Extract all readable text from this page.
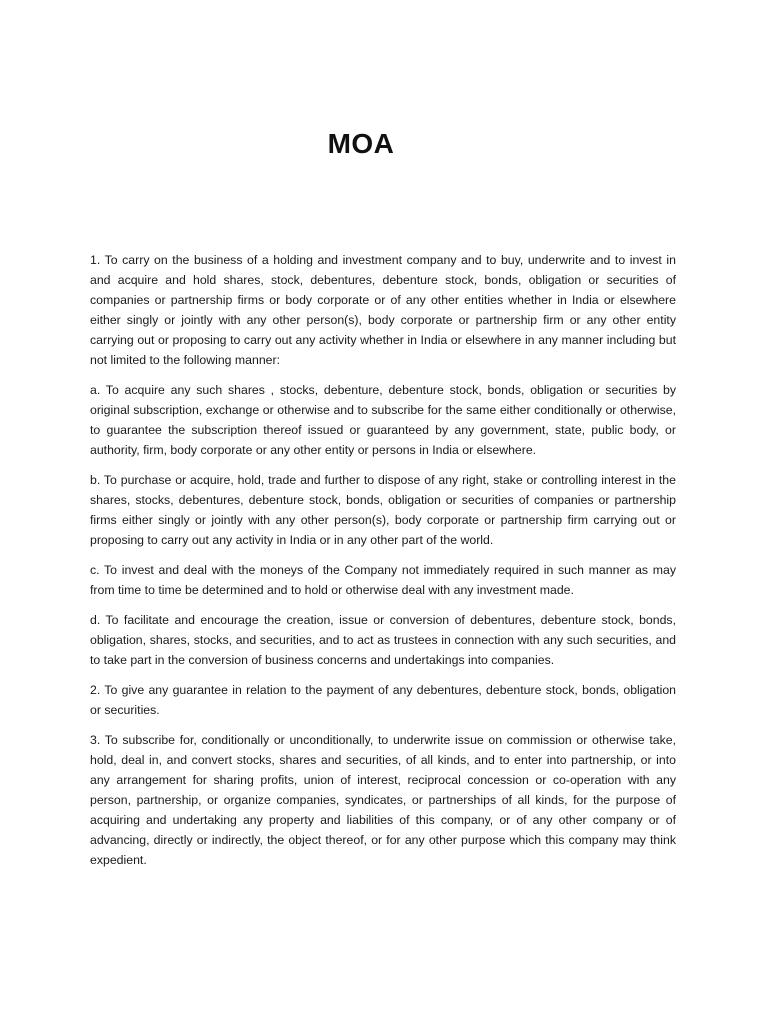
MOA

1. To carry on the business of a holding and investment company and to buy, underwrite and to invest in and acquire and hold shares, stock, debentures, debenture stock, bonds, obligation or securities of companies or partnership firms or body corporate or of any other entities whether in India or elsewhere either singly or jointly with any other person(s), body corporate or partnership firm or any other entity carrying out or proposing to carry out any activity whether in India or elsewhere in any manner including but not limited to the following manner:

a. To acquire any such shares , stocks, debenture, debenture stock, bonds, obligation or securities by original subscription, exchange or otherwise and to subscribe for the same either conditionally or otherwise, to guarantee the subscription thereof issued or guaranteed by any government, state, public body, or authority, firm, body corporate or any other entity or persons in India or elsewhere.

b. To purchase or acquire, hold, trade and further to dispose of any right, stake or controlling interest in the shares, stocks, debentures, debenture stock, bonds, obligation or securities of companies or partnership firms either singly or jointly with any other person(s), body corporate or partnership firm carrying out or proposing to carry out any activity in India or in any other part of the world.

c. To invest and deal with the moneys of the Company not immediately required in such manner as may from time to time be determined and to hold or otherwise deal with any investment made.

d. To facilitate and encourage the creation, issue or conversion of debentures, debenture stock, bonds, obligation, shares, stocks, and securities, and to act as trustees in connection with any such securities, and to take part in the conversion of business concerns and undertakings into companies.

2. To give any guarantee in relation to the payment of any debentures, debenture stock, bonds, obligation or securities.

3. To subscribe for, conditionally or unconditionally, to underwrite issue on commission or otherwise take, hold, deal in, and convert stocks, shares and securities, of all kinds, and to enter into partnership, or into any arrangement for sharing profits, union of interest, reciprocal concession or co-operation with any person, partnership, or organize companies, syndicates, or partnerships of all kinds, for the purpose of acquiring and undertaking any property and liabilities of this company, or of any other company or of advancing, directly or indirectly, the object thereof, or for any other purpose which this company may think expedient.
